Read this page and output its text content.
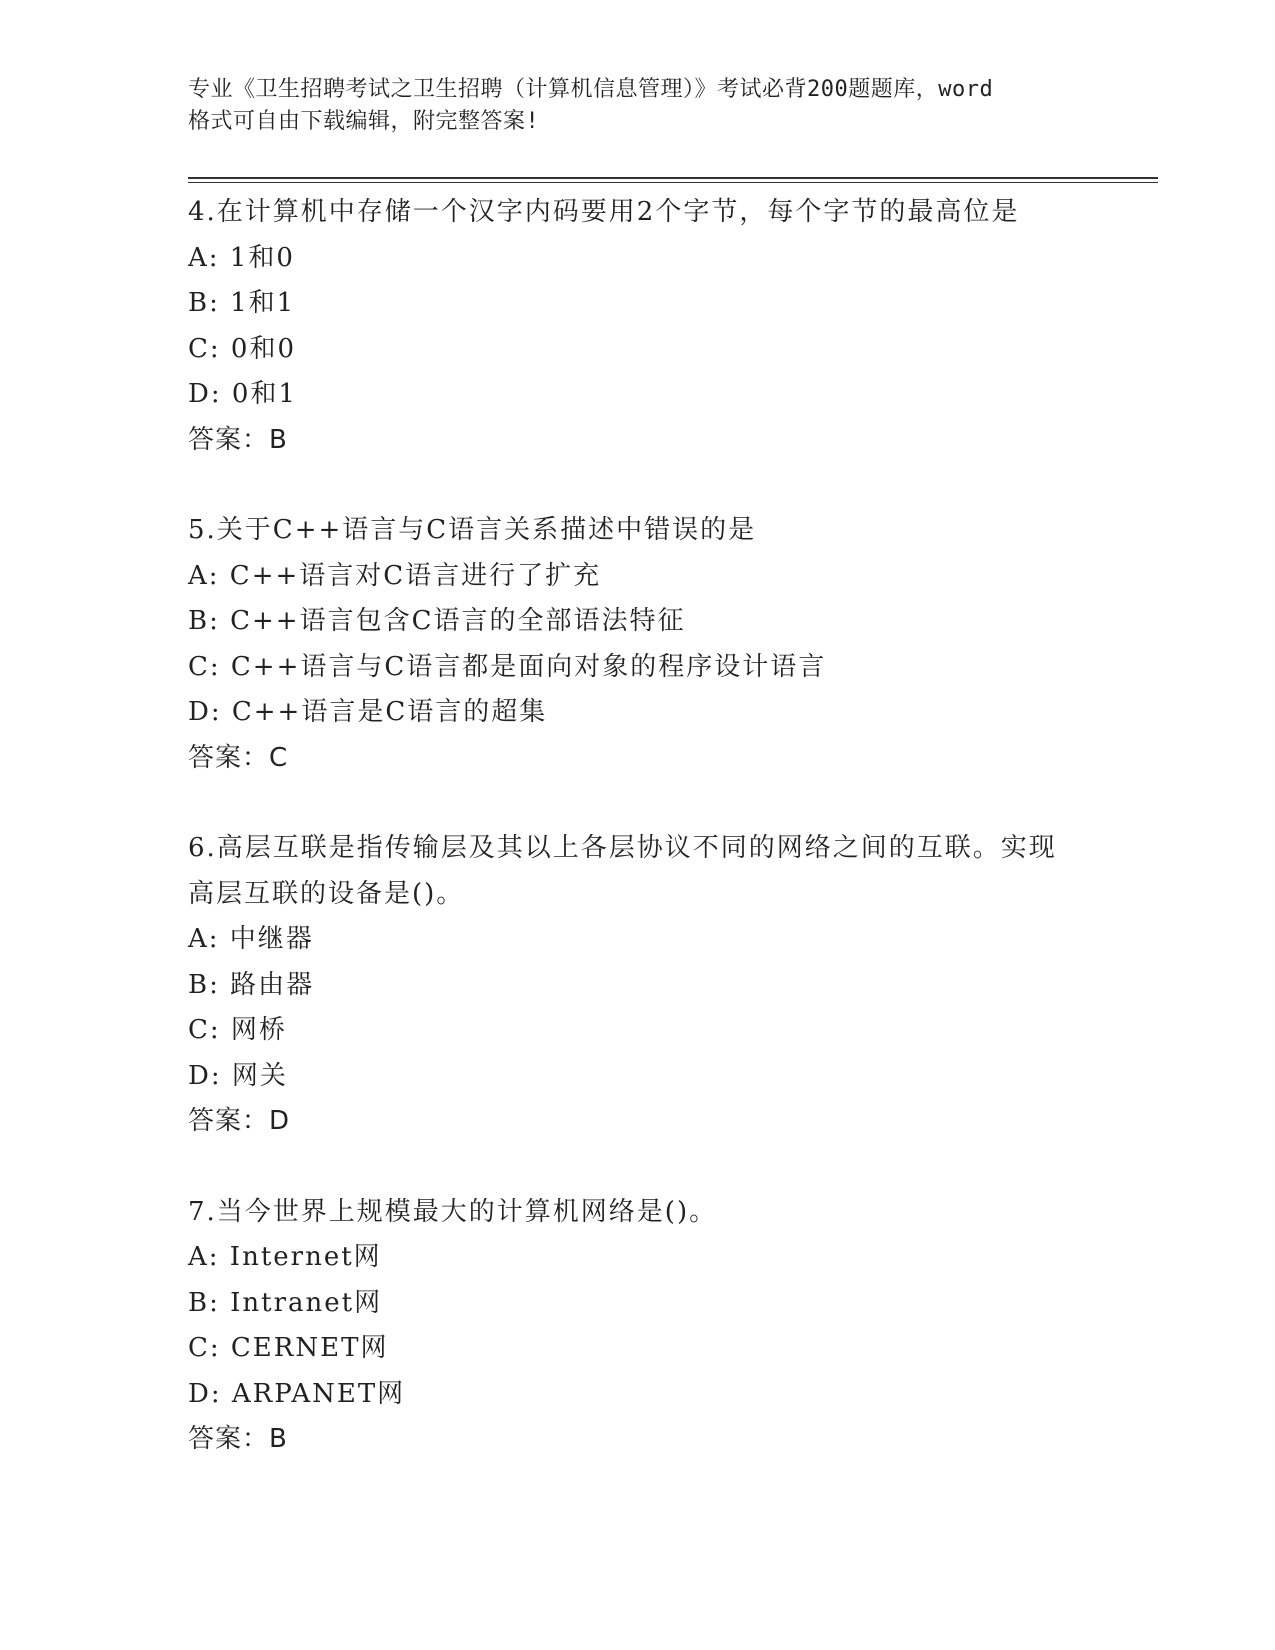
专业《卫生招聘考试之卫生招聘（计算机信息管理）》考试必背200题题库，word
格式可自由下载编辑，附完整答案!
4.在计算机中存储一个汉字内码要用2个字节，每个字节的最高位是
A: 1和0
B: 1和1
C: 0和0
D: 0和1
答案：B
5.关于C++语言与C语言关系描述中错误的是
A: C++语言对C语言进行了扩充
B: C++语言包含C语言的全部语法特征
C: C++语言与C语言都是面向对象的程序设计语言
D: C++语言是C语言的超集
答案：C
6.高层互联是指传输层及其以上各层协议不同的网络之间的互联。实现高层互联的设备是()。
A: 中继器
B: 路由器
C: 网桥
D: 网关
答案：D
7.当今世界上规模最大的计算机网络是()。
A: Internet网
B: Intranet网
C: CERNET网
D: ARPANET网
答案：B
